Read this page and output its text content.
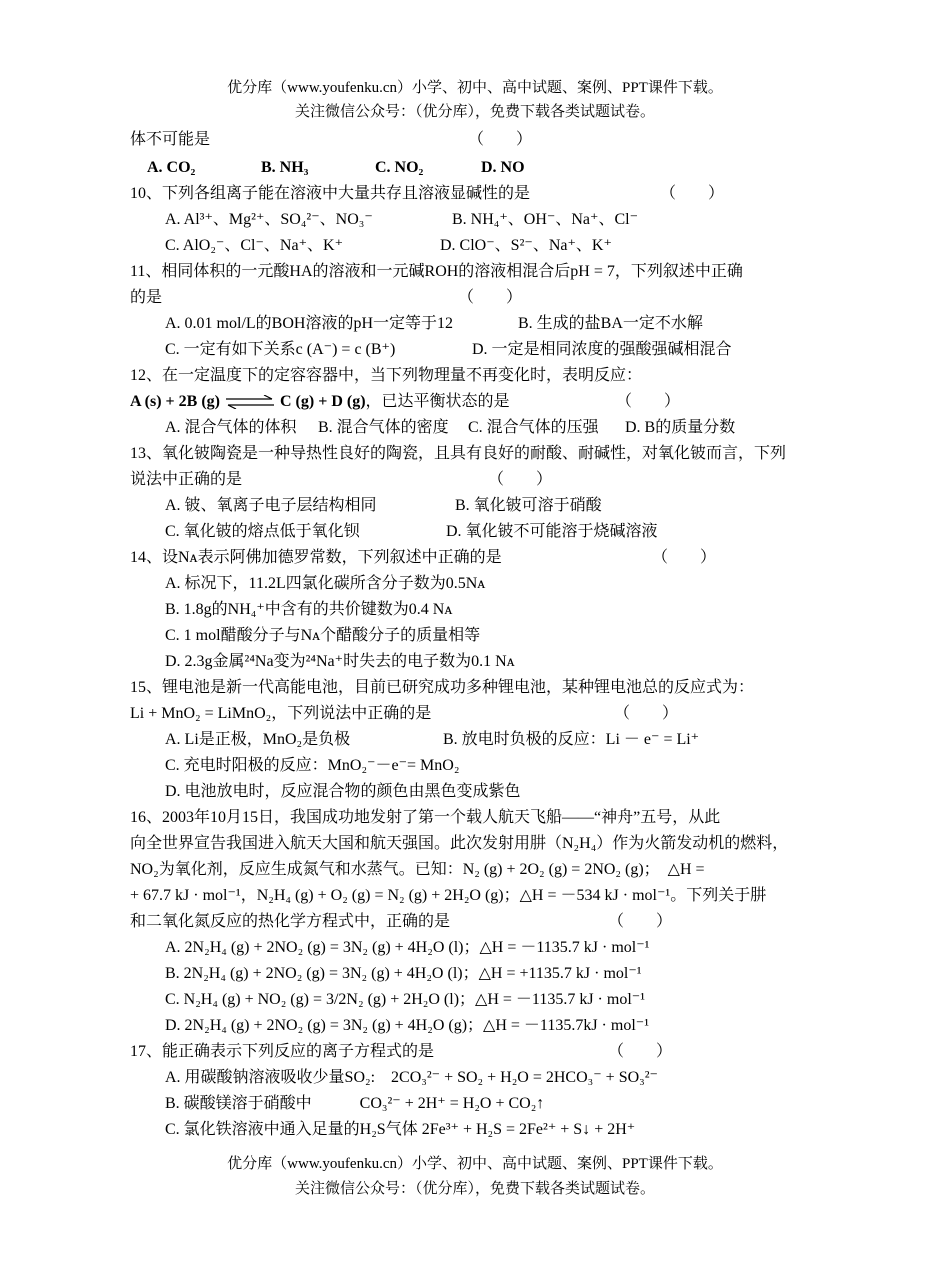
优分库（www.youfenku.cn）小学、初中、高中试题、案例、PPT课件下载。
关注微信公众号：（优分库），免费下载各类试题试卷。
体不可能是	（　　）
A. CO₂	B. NH₃	C. NO₂	D. NO
10、下列各组离子能在溶液中大量共存且溶液显碱性的是	（　　）
A. Al³⁺、Mg²⁺、SO₄²⁻、NO₃⁻	B. NH₄⁺、OH⁻、Na⁺、Cl⁻
C. AlO₂⁻、Cl⁻、Na⁺、K⁺	D. ClO⁻、S²⁻、Na⁺、K⁺
11、相同体积的一元酸HA的溶液和一元碱ROH的溶液相混合后pH = 7，下列叙述中正确
的是	（　　）
A. 0.01 mol/L的BOH溶液的pH一定等于12	B. 生成的盐BA一定不水解
C. 一定有如下关系c (A⁻) = c (B⁺)	D. 一定是相同浓度的强酸强碱相混合
12、在一定温度下的定容容器中，当下列物理量不再变化时，表明反应：
A (s) + 2B (g) ⇌ C (g) + D (g)，已达平衡状态的是	（　　）
A. 混合气体的体积 B. 混合气体的密度 C. 混合气体的压强 D. B的质量分数
13、氧化铍陶瓷是一种导热性良好的陶瓷，且具有良好的耐酸、耐碱性，对氧化铍而言，下列
说法中正确的是	（　　）
A. 铍、氧离子电子层结构相同	B. 氧化铍可溶于硝酸
C. 氧化铍的熔点低于氧化钡	D. 氧化铍不可能溶于烧碱溶液
14、设Nᴀ表示阿佛加德罗常数，下列叙述中正确的是	（　　）
A. 标况下，11.2L四氯化碳所含分子数为0.5Nᴀ
B. 1.8g的NH₄⁺中含有的共价键数为0.4 Nᴀ
C. 1 mol醋酸分子与Nᴀ个醋酸分子的质量相等
D. 2.3g金属²⁴Na变为²⁴Na⁺时失去的电子数为0.1 Nᴀ
15、锂电池是新一代高能电池，目前已研究成功多种锂电池，某种锂电池总的反应式为：
Li + MnO₂ = LiMnO₂，下列说法中正确的是	（　　）
A. Li是正极，MnO₂是负极	B. 放电时负极的反应：Li － e⁻ = Li⁺
C. 充电时阳极的反应：MnO₂⁻－e⁻= MnO₂
D. 电池放电时，反应混合物的颜色由黑色变成紫色
16、2003年10月15日，我国成功地发射了第一个载人航天飞船——“神舟”五号，从此
向全世界宣告我国进入航天大国和航天强国。此次发射用肼（N₂H₄）作为火箭发动机的燃料，
NO₂为氧化剂，反应生成氮气和水蒸气。已知：N₂ (g) + 2O₂ (g) = 2NO₂ (g)；　△H =
+ 67.7 kJ · mol⁻¹，N₂H₄ (g) + O₂ (g) = N₂ (g) + 2H₂O (g)；△H = －534 kJ · mol⁻¹。下列关于肼
和二氧化氮反应的热化学方程式中，正确的是	（　　）
A. 2N₂H₄ (g) + 2NO₂ (g) = 3N₂ (g) + 4H₂O (l)；△H = －1135.7 kJ · mol⁻¹
B. 2N₂H₄ (g) + 2NO₂ (g) = 3N₂ (g) + 4H₂O (l)；△H = +1135.7 kJ · mol⁻¹
C. N₂H₄ (g) + NO₂ (g) = 3/2N₂ (g) + 2H₂O (l)；△H = －1135.7 kJ · mol⁻¹
D. 2N₂H₄ (g) + 2NO₂ (g) = 3N₂ (g) + 4H₂O (g)；△H = －1135.7kJ · mol⁻¹
17、能正确表示下列反应的离子方程式的是	（　　）
A. 用碳酸钠溶液吸收少量SO₂:　2CO₃²⁻ + SO₂ + H₂O = 2HCO₃⁻ + SO₃²⁻
B. 碳酸镁溶于硝酸中　　　CO₃²⁻ + 2H⁺ = H₂O + CO₂↑
C. 氯化铁溶液中通入足量的H₂S气体 2Fe³⁺ + H₂S = 2Fe²⁺ + S↓ + 2H⁺
优分库（www.youfenku.cn）小学、初中、高中试题、案例、PPT课件下载。
关注微信公众号：（优分库），免费下载各类试题试卷。
